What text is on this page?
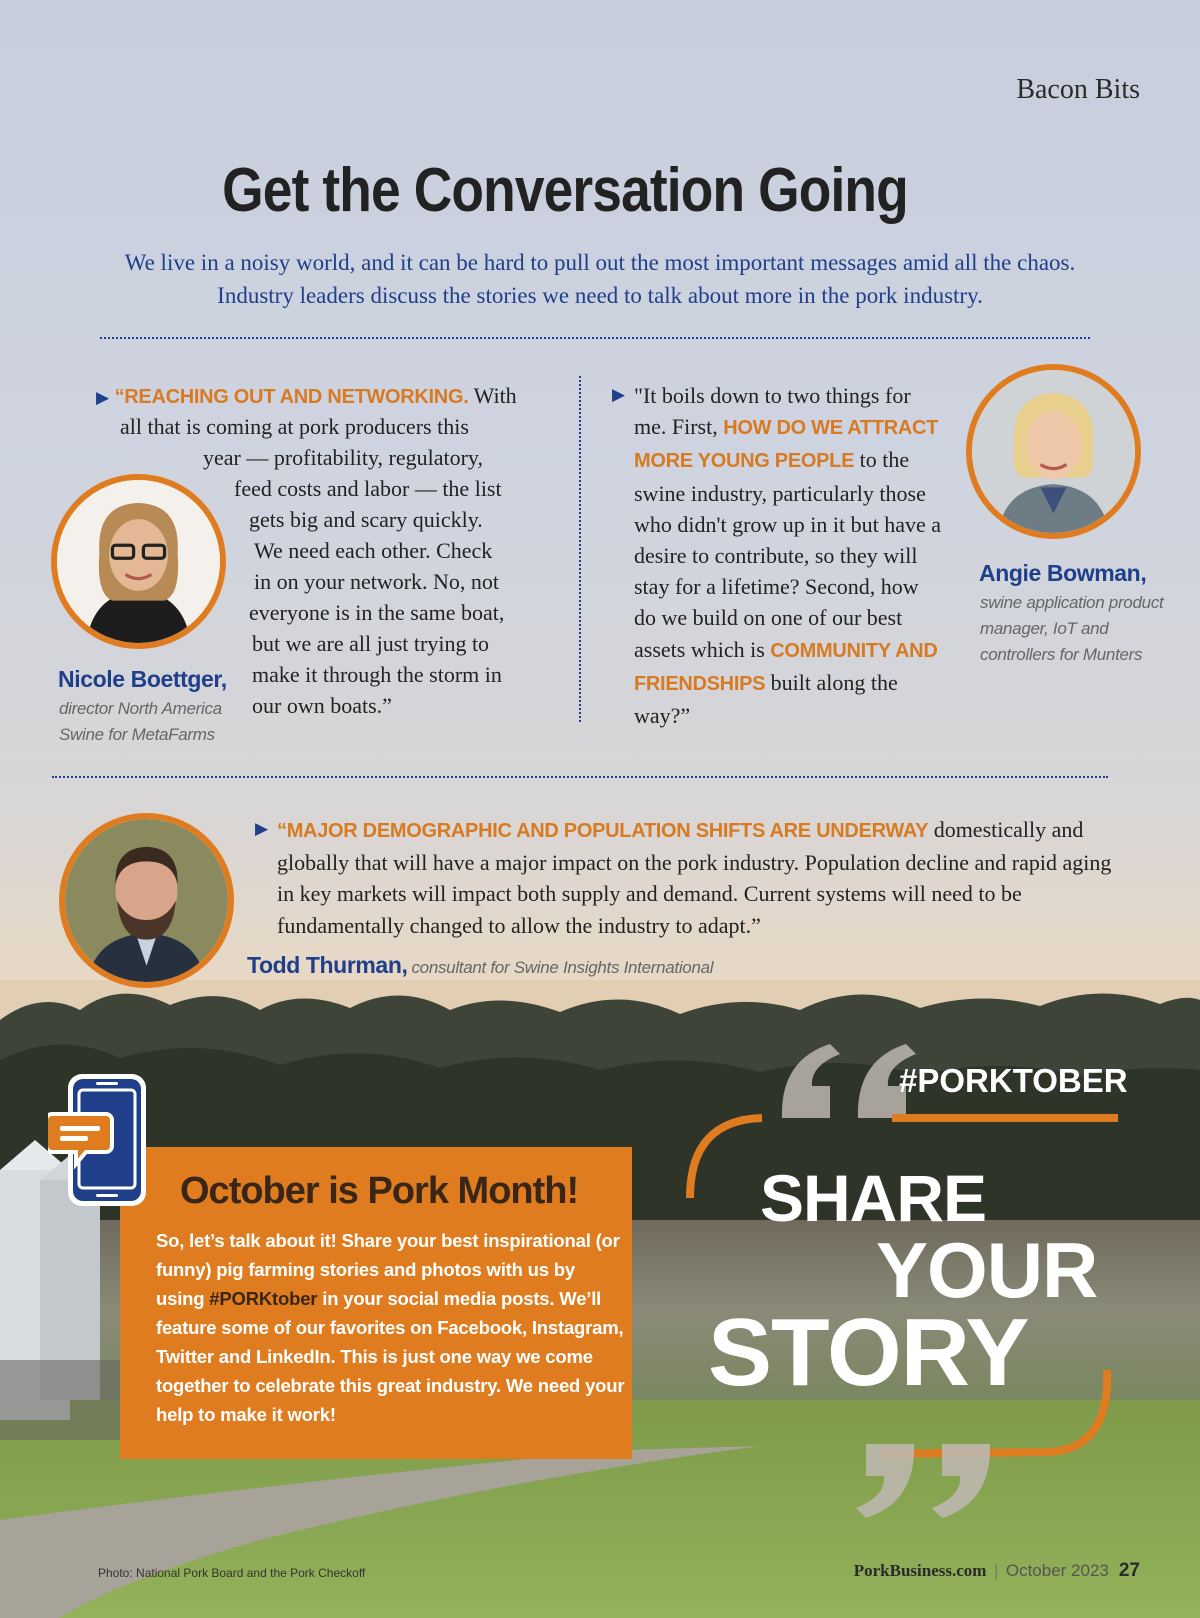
Bacon Bits
Get the Conversation Going
We live in a noisy world, and it can be hard to pull out the most important messages amid all the chaos. Industry leaders discuss the stories we need to talk about more in the pork industry.
▶ “REACHING OUT AND NETWORKING. With
all that is coming at pork producers this
year — profitability, regulatory,
feed costs and labor — the list
gets big and scary quickly.
We need each other. Check
in on your network. No, not
everyone is in the same boat,
but we are all just trying to
make it through the storm in
our own boats.”
Nicole Boettger,
director North America
Swine for MetaFarms
▶ "It boils down to two things for me. First, HOW DO WE ATTRACT MORE YOUNG PEOPLE to the swine industry, particularly those who didn't grow up in it but have a desire to contribute, so they will stay for a lifetime? Second, how do we build on one of our best assets which is COMMUNITY AND FRIENDSHIPS built along the way?”
Angie Bowman,
swine application product
manager, IoT and
controllers for Munters
▶ “MAJOR DEMOGRAPHIC AND POPULATION SHIFTS ARE UNDERWAY domestically and globally that will have a major impact on the pork industry. Population decline and rapid aging in key markets will impact both supply and demand. Current systems will need to be fundamentally changed to allow the industry to adapt.”
Todd Thurman, consultant for Swine Insights International
October is Pork Month!
So, let’s talk about it! Share your best inspirational (or funny) pig farming stories and photos with us by using #PORKtober in your social media posts. We’ll feature some of our favorites on Facebook, Instagram, Twitter and LinkedIn. This is just one way we come together to celebrate this great industry. We need your help to make it work!
#PORKTOBER
SHARE
YOUR
STORY
Photo: National Pork Board and the Pork Checkoff	PorkBusiness.com | October 2023 27
